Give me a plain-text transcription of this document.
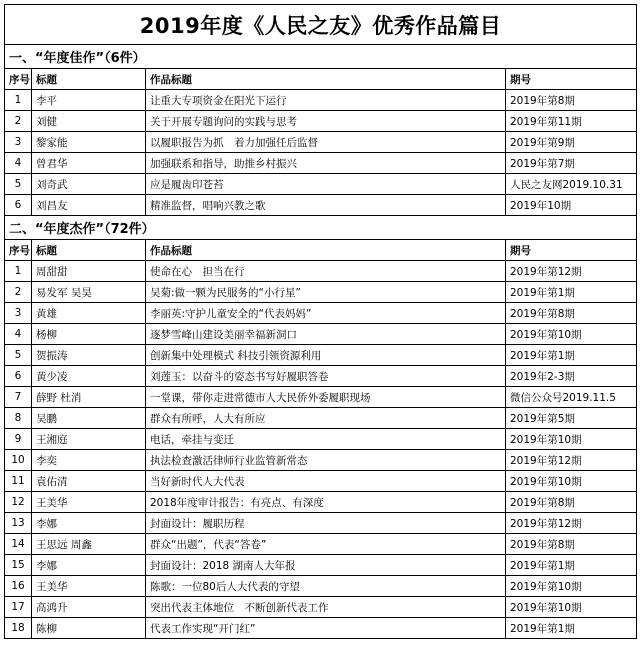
2019年度《人民之友》优秀作品篇目			
一、“年度佳作”（6件）			
序号	标题	作品标题	期号
1	李平	让重大专项资金在阳光下运行	2019年第8期
2	刘健	关于开展专题询问的实践与思考	2019年第11期
3	黎家能	以履职报告为抓　着力加强任后监督	2019年第9期
4	曾君华	加强联系和指导，助推乡村振兴	2019年第7期
5	刘奇武	应是履齿印苍苔	人民之友网2019.10.31
6	刘昌友	精准监督，唱响兴教之歌	2019年10期
二、“年度杰作”（72件）			
序号	标题	作品标题	期号
1	周甜甜	使命在心　担当在行	2019年第12期
2	易发军 吴昊	吴菊:做一颗为民服务的“小行星”	2019年第1期
3	黄雄	李丽英:守护儿童安全的“代表妈妈”	2019年第8期
4	杨柳	逐梦雪峰山建设美丽幸福新洞口	2019年第10期
5	贺振涛	创新集中处理模式 科技引领资源利用	2019年第1期
6	黄少凌	刘莲玉：以奋斗的姿态书写好履职答卷	2019年2-3期
7	薛野 杜消	一堂课，带你走进常德市人大民侨外委履职现场	微信公众号2019.11.5
8	吴鹏	群众有所呼，人大有所应	2019年第5期
9	王湘庭	电话，牵挂与变迁	2019年第10期
10	李奕	执法检查激活律师行业监管新常态	2019年第12期
11	袁佑清	当好新时代人大代表	2019年第10期
12	王美华	2018年度审计报告：有亮点、有深度	2019年第8期
13	李娜	封面设计：履职历程	2019年第12期
14	王思远 周鑫	群众“出题”，代表“答卷”	2019年第8期
15	李娜	封面设计：2018 湖南人大年报	2019年第1期
16	王美华	陈歌：一位80后人大代表的守望	2019年第10期
17	高鸿升	突出代表主体地位　不断创新代表工作	2019年第10期
18	陈柳	代表工作实现“开门红”	2019年第1期
